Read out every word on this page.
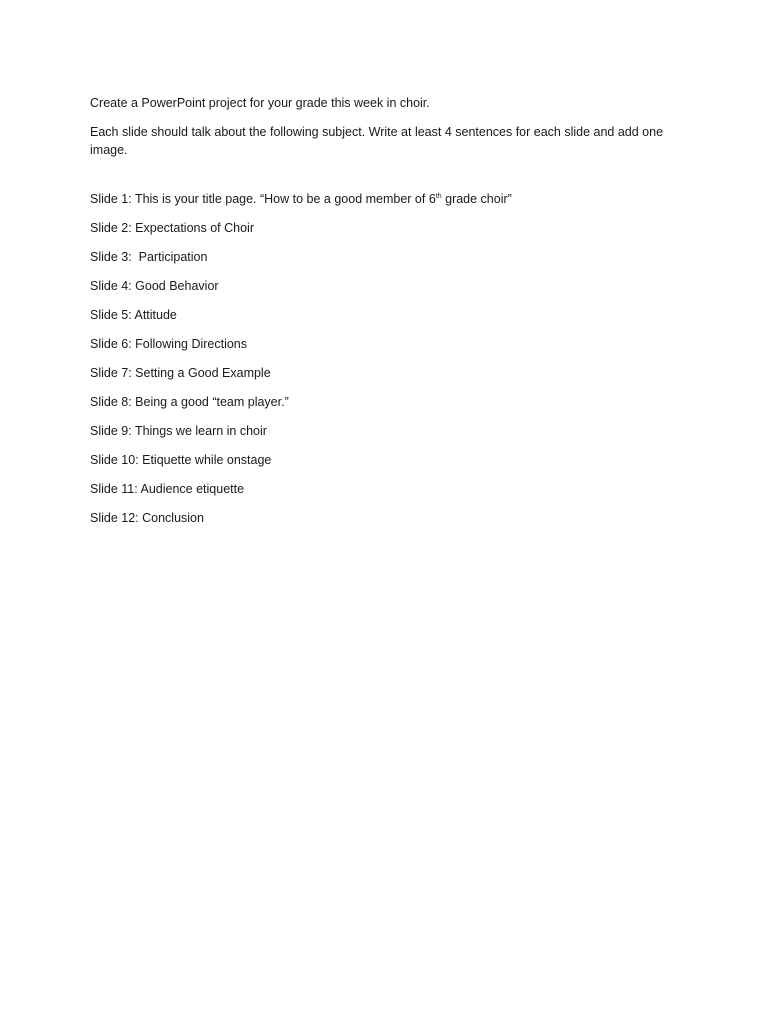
Create a PowerPoint project for your grade this week in choir.

Each slide should talk about the following subject. Write at least 4 sentences for each slide and add one image.

Slide 1: This is your title page. “How to be a good member of 6th grade choir”

Slide 2: Expectations of Choir

Slide 3:  Participation

Slide 4: Good Behavior

Slide 5: Attitude

Slide 6: Following Directions

Slide 7: Setting a Good Example

Slide 8: Being a good “team player.”

Slide 9: Things we learn in choir

Slide 10: Etiquette while onstage

Slide 11: Audience etiquette

Slide 12: Conclusion
